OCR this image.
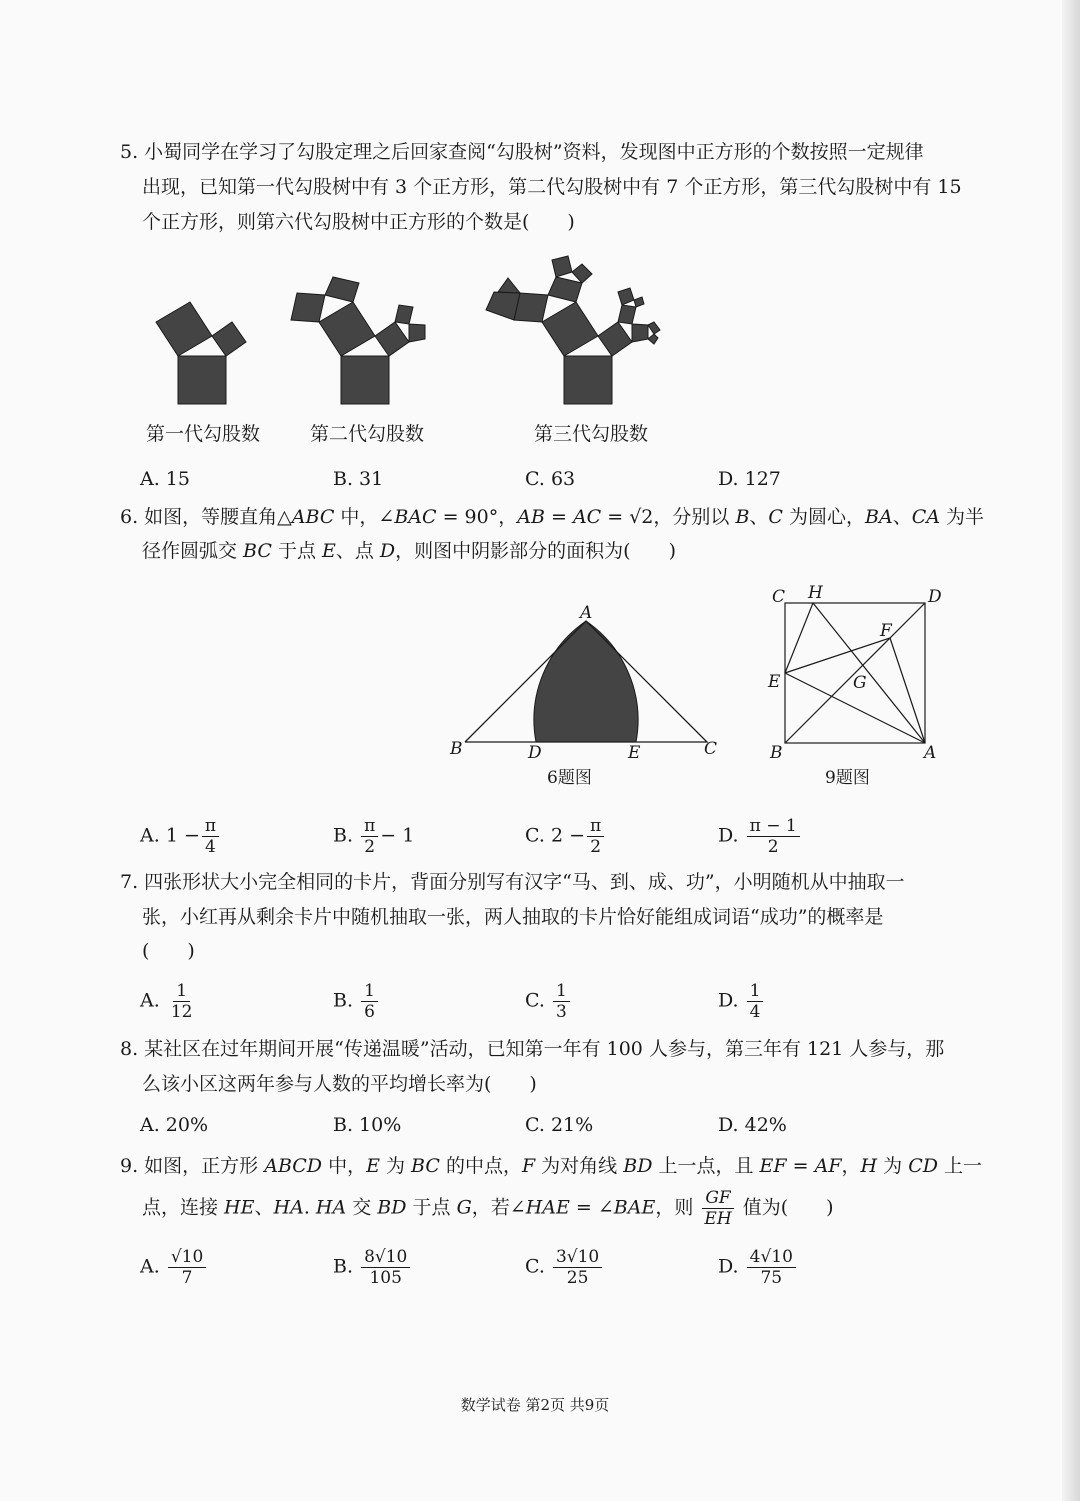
5. 小蜀同学在学习了勾股定理之后回家查阅“勾股树”资料，发现图中正方形的个数按照一定规律
出现，已知第一代勾股树中有 3 个正方形，第二代勾股树中有 7 个正方形，第三代勾股树中有 15
个正方形，则第六代勾股树中正方形的个数是(　　)
第一代勾股数	第二代勾股数	第三代勾股数
A. 15	B. 31	C. 63	D. 127
6. 如图，等腰直角△ABC 中，∠BAC = 90°，AB = AC = √2，分别以 B、C 为圆心，BA、CA 为半
径作圆弧交 BC 于点 E、点 D，则图中阴影部分的面积为(　　)
A
B	D	E	C
6题图
C H	D
F
E	G
B	A
9题图
A. $1 - \frac{\pi}{4}$	B. $\frac{\pi}{2} - 1$	C. $2 - \frac{\pi}{2}$	D. $\frac{\pi - 1}{2}$
7. 四张形状大小完全相同的卡片，背面分别写有汉字“马、到、成、功”，小明随机从中抽取一
张，小红再从剩余卡片中随机抽取一张，两人抽取的卡片恰好能组成词语“成功”的概率是
(　　)
A. $\frac{1}{12}$	B. $\frac{1}{6}$	C. $\frac{1}{3}$	D. $\frac{1}{4}$
8. 某社区在过年期间开展“传递温暖”活动，已知第一年有 100 人参与，第三年有 121 人参与，那
么该小区这两年参与人数的平均增长率为(　　)
A. 20%	B. 10%	C. 21%	D. 42%
9. 如图，正方形 ABCD 中，E 为 BC 的中点，F 为对角线 BD 上一点，且 EF = AF，H 为 CD 上一
点，连接 HE、HA. HA 交 BD 于点 G，若∠HAE = ∠BAE，则 $\frac{GF}{EH}$ 值为(　　)
A. $\frac{√10}{7}$	B. $\frac{8√10}{105}$	C. $\frac{3√10}{25}$	D. $\frac{4√10}{75}$
数学试卷 第2页 共9页
